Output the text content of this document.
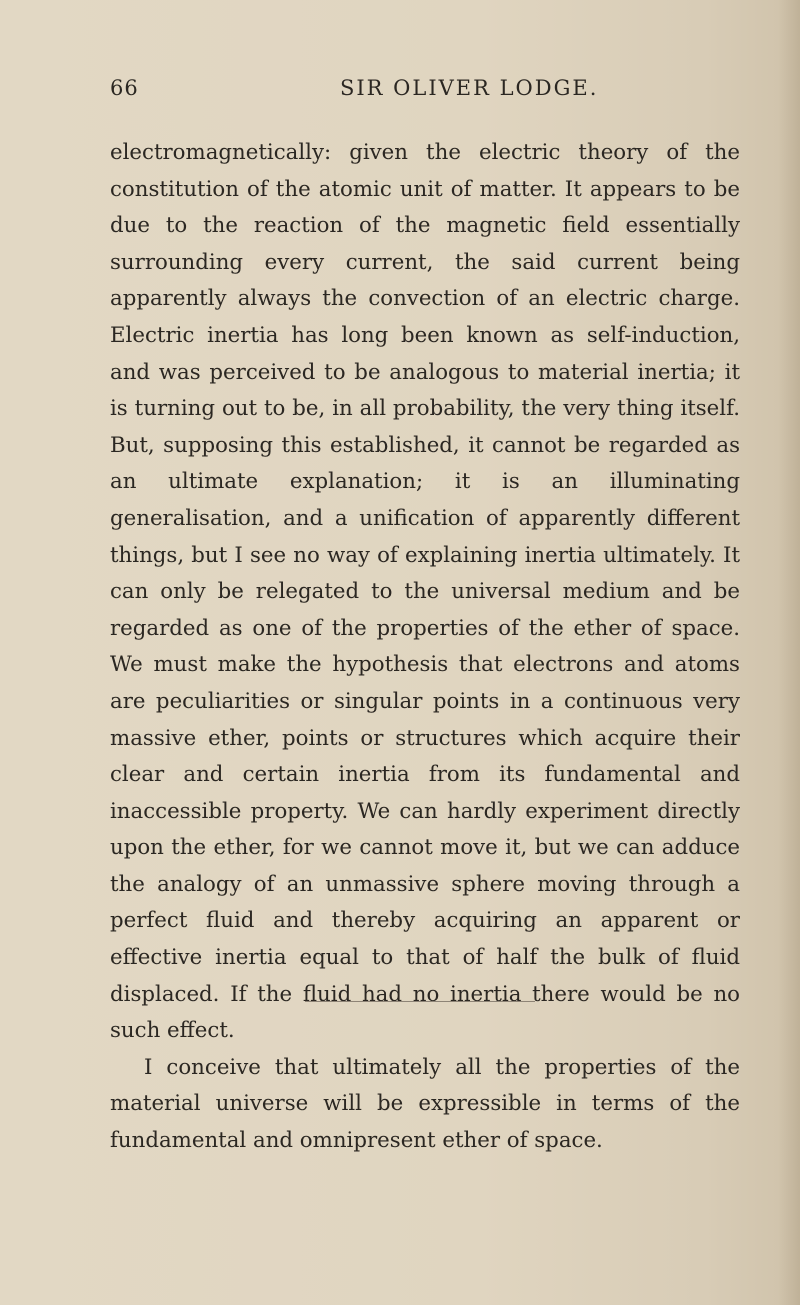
66	SIR OLIVER LODGE.

electromagnetically: given the electric theory of the constitution of the atomic unit of matter. It appears to be due to the reaction of the magnetic field essentially surrounding every current, the said current being apparently always the convection of an electric charge. Electric inertia has long been known as self-induction, and was perceived to be analogous to material inertia; it is turning out to be, in all probability, the very thing itself. But, supposing this established, it cannot be regarded as an ultimate explanation; it is an illuminating generalisation, and a unification of apparently different things, but I see no way of explaining inertia ultimately. It can only be relegated to the universal medium and be regarded as one of the properties of the ether of space. We must make the hypothesis that electrons and atoms are peculiarities or singular points in a continuous very massive ether, points or structures which acquire their clear and certain inertia from its fundamental and inaccessible property. We can hardly experiment directly upon the ether, for we cannot move it, but we can adduce the analogy of an unmassive sphere moving through a perfect fluid and thereby acquiring an apparent or effective inertia equal to that of half the bulk of fluid displaced. If the fluid had no inertia there would be no such effect.

I conceive that ultimately all the properties of the material universe will be expressible in terms of the fundamental and omnipresent ether of space.
